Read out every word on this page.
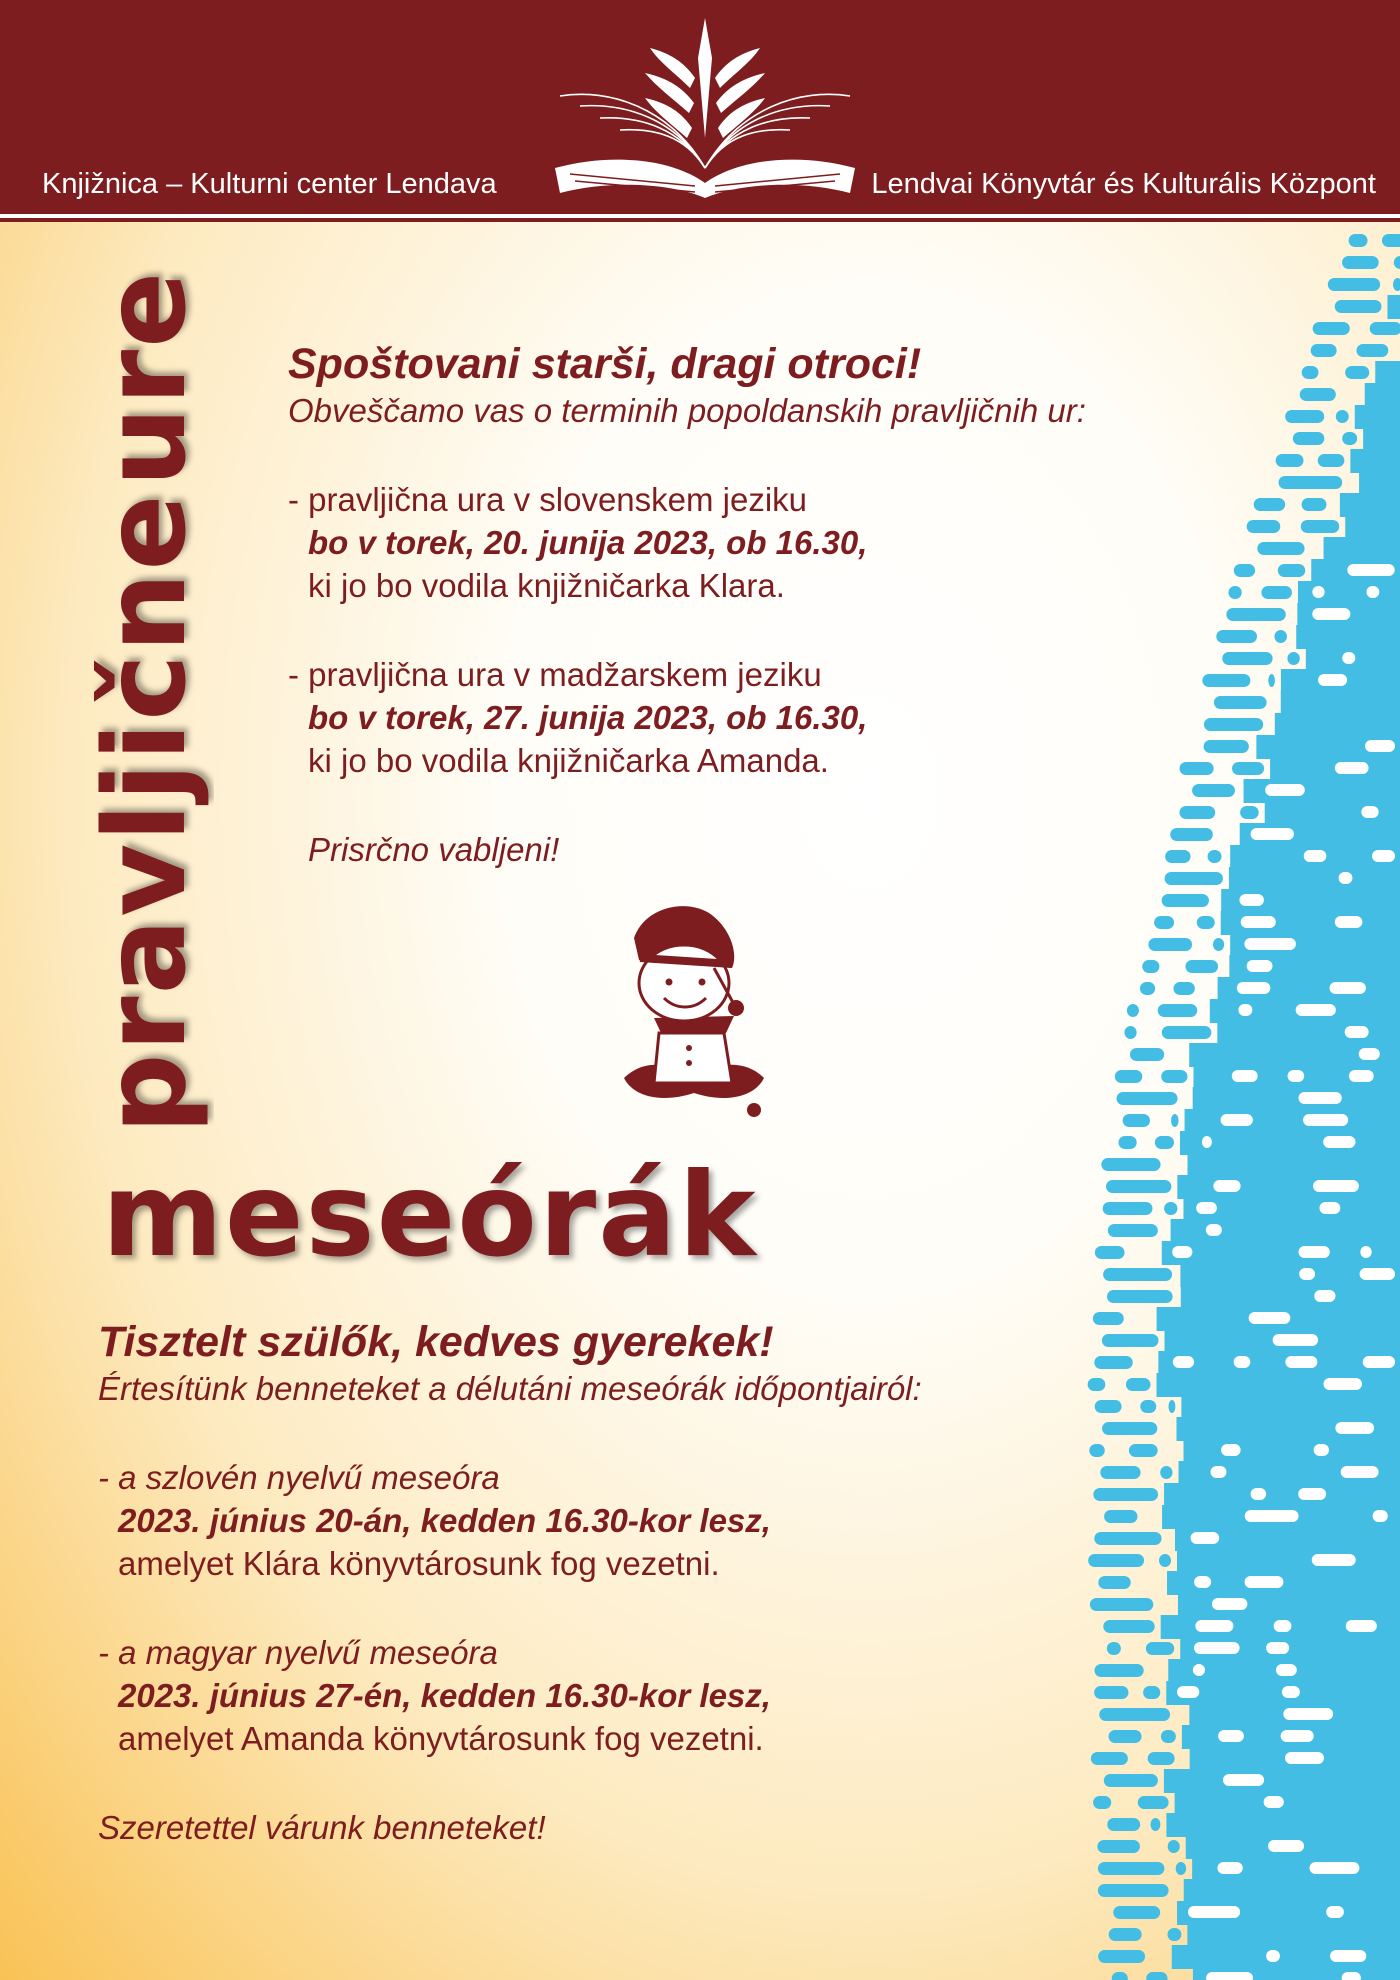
Knjižnica – Kulturni center Lendava	Lendvai Könyvtár és Kulturális Központ
pravljične ure Spoštovani starši, dragi otroci!
Obveščamo vas o terminih popoldanskih pravljičnih ur:
- pravljična ura v slovenskem jeziku
bo v torek, 20. junija 2023, ob 16.30,
ki jo bo vodila knjižničarka Klara.
- pravljična ura v madžarskem jeziku
bo v torek, 27. junija 2023, ob 16.30,
ki jo bo vodila knjižničarka Amanda.
Prisrčno vabljeni!
meseórák
Tisztelt szülők, kedves gyerekek!
Értesítünk benneteket a délutáni meseórák időpontjairól:
- a szlovén nyelvű meseóra
2023. június 20-án, kedden 16.30-kor lesz,
amelyet Klára könyvtárosunk fog vezetni.
- a magyar nyelvű meseóra
2023. június 27-én, kedden 16.30-kor lesz,
amelyet Amanda könyvtárosunk fog vezetni.
Szeretettel várunk benneteket!
